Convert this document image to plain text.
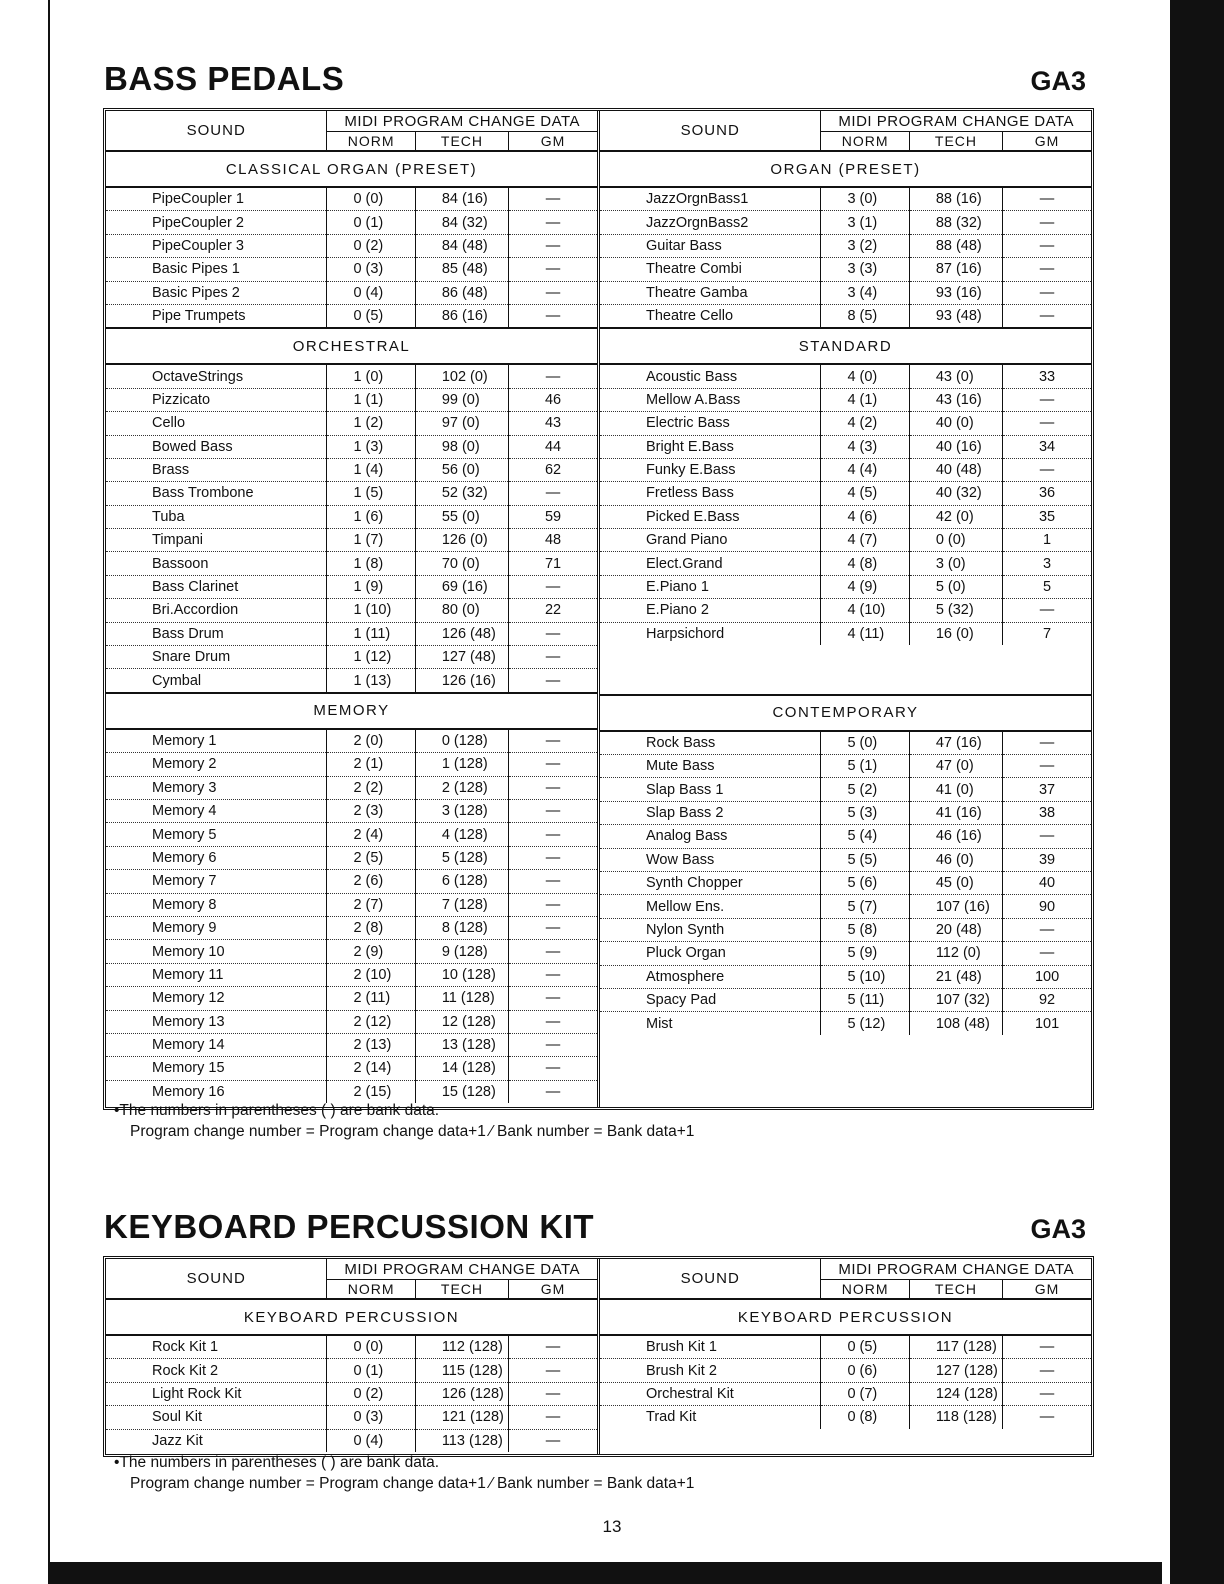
BASS PEDALS	GA3
SOUND	MIDI PROGRAM CHANGE DATA		
	NORM	TECH	GM
CLASSICAL ORGAN (PRESET)			
PipeCoupler 1	0 (0)	84 (16)	—
PipeCoupler 2	0 (1)	84 (32)	—
PipeCoupler 3	0 (2)	84 (48)	—
Basic Pipes 1	0 (3)	85 (48)	—
Basic Pipes 2	0 (4)	86 (48)	—
Pipe Trumpets	0 (5)	86 (16)	—
ORCHESTRAL			
OctaveStrings	1 (0)	102 (0)	—
Pizzicato	1 (1)	99 (0)	46
Cello	1 (2)	97 (0)	43
Bowed Bass	1 (3)	98 (0)	44
Brass	1 (4)	56 (0)	62
Bass Trombone	1 (5)	52 (32)	—
Tuba	1 (6)	55 (0)	59
Timpani	1 (7)	126 (0)	48
Bassoon	1 (8)	70 (0)	71
Bass Clarinet	1 (9)	69 (16)	—
Bri.Accordion	1 (10)	80 (0)	22
Bass Drum	1 (11)	126 (48)	—
Snare Drum	1 (12)	127 (48)	—
Cymbal	1 (13)	126 (16)	—
MEMORY			
Memory 1	2 (0)	0 (128)	—
Memory 2	2 (1)	1 (128)	—
Memory 3	2 (2)	2 (128)	—
Memory 4	2 (3)	3 (128)	—
Memory 5	2 (4)	4 (128)	—
Memory 6	2 (5)	5 (128)	—
Memory 7	2 (6)	6 (128)	—
Memory 8	2 (7)	7 (128)	—
Memory 9	2 (8)	8 (128)	—
Memory 10	2 (9)	9 (128)	—
Memory 11	2 (10)	10 (128)	—
Memory 12	2 (11)	11 (128)	—
Memory 13	2 (12)	12 (128)	—
Memory 14	2 (13)	13 (128)	—
Memory 15	2 (14)	14 (128)	—
Memory 16	2 (15)	15 (128)	—
SOUND	MIDI PROGRAM CHANGE DATA		
	NORM	TECH	GM
ORGAN (PRESET)			
JazzOrgnBass1	3 (0)	88 (16)	—
JazzOrgnBass2	3 (1)	88 (32)	—
Guitar Bass	3 (2)	88 (48)	—
Theatre Combi	3 (3)	87 (16)	—
Theatre Gamba	3 (4)	93 (16)	—
Theatre Cello	8 (5)	93 (48)	—
STANDARD			
Acoustic Bass	4 (0)	43 (0)	33
Mellow A.Bass	4 (1)	43 (16)	—
Electric Bass	4 (2)	40 (0)	—
Bright E.Bass	4 (3)	40 (16)	34
Funky E.Bass	4 (4)	40 (48)	—
Fretless Bass	4 (5)	40 (32)	36
Picked E.Bass	4 (6)	42 (0)	35
Grand Piano	4 (7)	0 (0)	1
Elect.Grand	4 (8)	3 (0)	3
E.Piano 1	4 (9)	5 (0)	5
E.Piano 2	4 (10)	5 (32)	—
Harpsichord	4 (11)	16 (0)	7

CONTEMPORARY			
Rock Bass	5 (0)	47 (16)	—
Mute Bass	5 (1)	47 (0)	—
Slap Bass 1	5 (2)	41 (0)	37
Slap Bass 2	5 (3)	41 (16)	38
Analog Bass	5 (4)	46 (16)	—
Wow Bass	5 (5)	46 (0)	39
Synth Chopper	5 (6)	45 (0)	40
Mellow Ens.	5 (7)	107 (16)	90
Nylon Synth	5 (8)	20 (48)	—
Pluck Organ	5 (9)	112 (0)	—
Atmosphere	5 (10)	21 (48)	100
Spacy Pad	5 (11)	107 (32)	92
Mist	5 (12)	108 (48)	101

•The numbers in parentheses ( ) are bank data.
Program change number = Program change data+1 ⁄ Bank number = Bank data+1
KEYBOARD PERCUSSION KIT	GA3
SOUND	MIDI PROGRAM CHANGE DATA		
	NORM	TECH	GM
KEYBOARD PERCUSSION			
Rock Kit 1	0 (0)	112 (128)	—
Rock Kit 2	0 (1)	115 (128)	—
Light Rock Kit	0 (2)	126 (128)	—
Soul Kit	0 (3)	121 (128)	—
Jazz Kit	0 (4)	113 (128)	—
SOUND	MIDI PROGRAM CHANGE DATA		
	NORM	TECH	GM
KEYBOARD PERCUSSION			
Brush Kit 1	0 (5)	117 (128)	—
Brush Kit 2	0 (6)	127 (128)	—
Orchestral Kit	0 (7)	124 (128)	—
Trad Kit	0 (8)	118 (128)	—

•The numbers in parentheses ( ) are bank data.
Program change number = Program change data+1 ⁄ Bank number = Bank data+1
13
